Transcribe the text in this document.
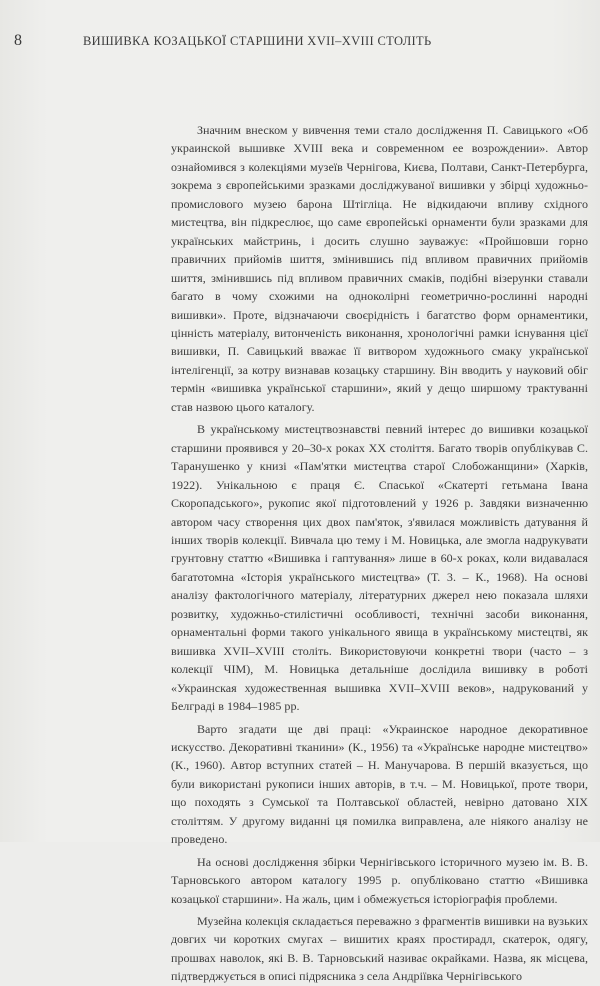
8	ВИШИВКА КОЗАЦЬКОЇ СТАРШИНИ XVII–XVIII СТОЛІТЬ

Значним внеском у вивчення теми стало дослідження П. Савицького «Об украинской вышивке XVIII века и современном ее возрождении». Автор ознайомився з колекціями музеїв Чернігова, Києва, Полтави, Санкт-Петербурга, зокрема з європейськими зразками досліджуваної вишивки у збірці художньо-промислового музею барона Штігліца. Не відкидаючи впливу східного мистецтва, він підкреслює, що саме європейські орнаменти були зразками для українських майстринь, і досить слушно зауважує: «Пройшовши горно правичних прийомів шиття, змінившись під впливом правичних прийомів шиття, змінившись під впливом правичних смаків, подібні візерунки ставали багато в чому схожими на одноколірні геометрично-рослинні народні вишивки». Проте, відзначаючи своєрідність і багатство форм орнаментики, цінність матеріалу, витонченість виконання, хронологічні рамки існування цієї вишивки, П. Савицький вважає її витвором художнього смаку української інтелігенції, за котру визнавав козацьку старшину. Він вводить у науковий обіг термін «вишивка української старшини», який у дещо ширшому трактуванні став назвою цього каталогу.

В українському мистецтвознавстві певний інтерес до вишивки козацької старшини проявився у 20–30-х роках XX століття. Багато творів опублікував С. Таранушенко у книзі «Пам'ятки мистецтва старої Слобожанщини» (Харків, 1922). Унікальною є праця Є. Спаської «Скатерті гетьмана Івана Скоропадського», рукопис якої підготовлений у 1926 р. Завдяки визначенню автором часу створення цих двох пам'яток, з'явилася можливість датування й інших творів колекції. Вивчала цю тему і М. Новицька, але змогла надрукувати грунтовну статтю «Вишивка і гаптування» лише в 60-х роках, коли видавалася багатотомна «Історія українського мистецтва» (Т. 3. – К., 1968). На основі аналізу фактологічного матеріалу, літературних джерел нею показала шляхи розвитку, художньо-стилістичні особливості, технічні засоби виконання, орнаментальні форми такого унікального явища в українському мистецтві, як вишивка XVII–XVIII століть. Використовуючи конкретні твори (часто – з колекції ЧІМ), М. Новицька детальніше дослідила вишивку в роботі «Украинская художественная вышивка XVII–XVIII веков», надрукований у Белграді в 1984–1985 рр.

Варто згадати ще дві праці: «Украинское народное декоративное искусство. Декоративні тканини» (К., 1956) та «Українське народне мистецтво» (К., 1960). Автор вступних статей – Н. Манучарова. В першій вказується, що були використані рукописи інших авторів, в т.ч. – М. Новицької, проте твори, що походять з Сумської та Полтавської областей, невірно датовано XIX століттям. У другому виданні ця помилка виправлена, але ніякого аналізу не проведено.

На основі дослідження збірки Чернігівського історичного музею ім. В. В. Тарновського автором каталогу 1995 р. опубліковано статтю «Вишивка козацької старшини». На жаль, цим і обмежується історіографія проблеми.

Музейна колекція складається переважно з фрагментів вишивки на вузьких довгих чи коротких смугах – вишитих краях простирадл, скатерок, одягу, прошвах наволок, які В. В. Тарновський називає окрайками. Назва, як місцева, підтверджується в описі підрясника з села Андріївка Чернігівського
